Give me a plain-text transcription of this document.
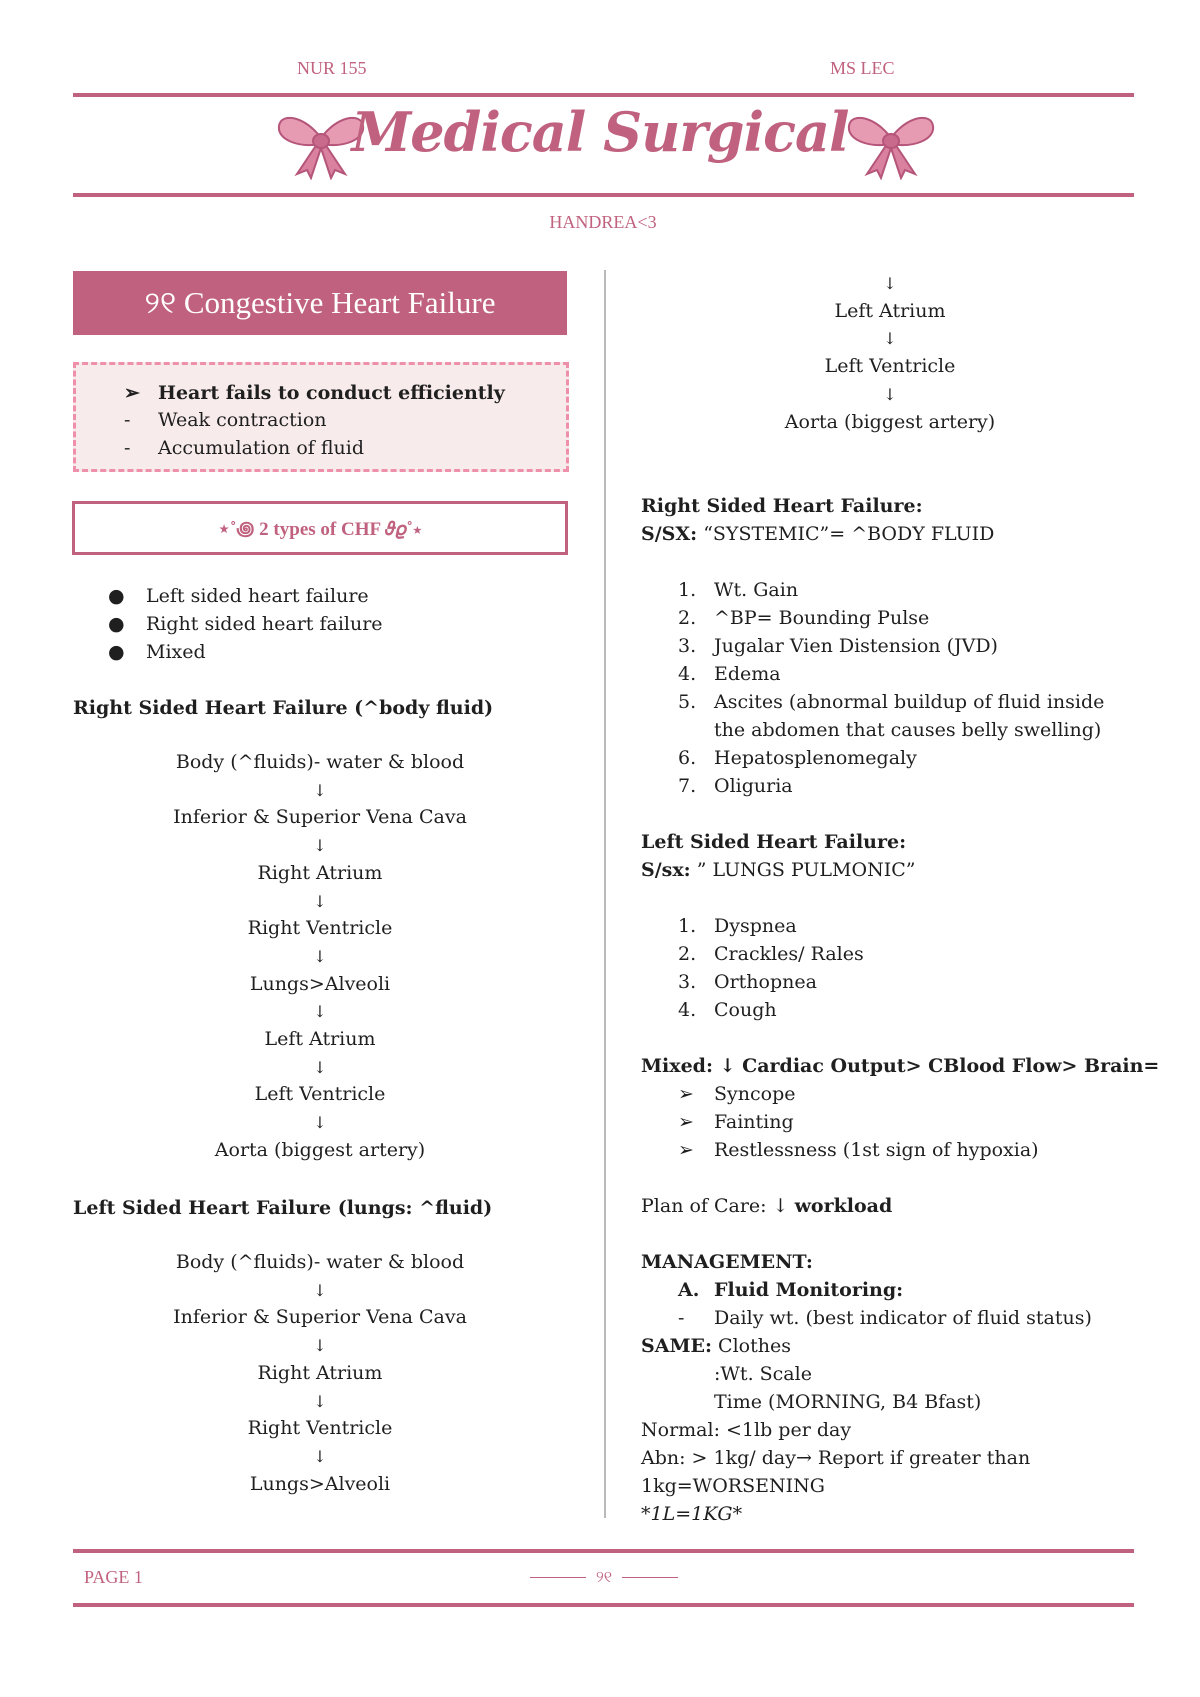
NUR 155	MS LEC
Medical Surgical
HANDREA<3
୨୧ Congestive Heart Failure
➢ Heart fails to conduct efficiently
- Weak contraction
- Accumulation of fluid
⋆˚꩜ 2 types of CHF 𝜗𝜚˚⋆
● Left sided heart failure
● Right sided heart failure
● Mixed
Right Sided Heart Failure (^body fluid)
Body (^fluids)- water & blood
↓
Inferior & Superior Vena Cava
↓
Right Atrium
↓
Right Ventricle
↓
Lungs>Alveoli
↓
Left Atrium
↓
Left Ventricle
↓
Aorta (biggest artery)
Left Sided Heart Failure (lungs: ^fluid)
Body (^fluids)- water & blood
↓
Inferior & Superior Vena Cava
↓
Right Atrium
↓
Right Ventricle
↓
Lungs>Alveoli
↓
Left Atrium
↓
Left Ventricle
↓
Aorta (biggest artery)
Right Sided Heart Failure:
S/SX: “SYSTEMIC”= ^BODY FLUID
1. Wt. Gain
2. ^BP= Bounding Pulse
3. Jugalar Vien Distension (JVD)
4. Edema
5. Ascites (abnormal buildup of fluid inside
the abdomen that causes belly swelling)
6. Hepatosplenomegaly
7. Oliguria
Left Sided Heart Failure:
S/sx: ” LUNGS PULMONIC”
1. Dyspnea
2. Crackles/ Rales
3. Orthopnea
4. Cough
Mixed: ↓ Cardiac Output> CBlood Flow> Brain=
➢ Syncope
➢ Fainting
➢ Restlessness (1st sign of hypoxia)
Plan of Care: ↓ workload
MANAGEMENT:
A. Fluid Monitoring:
- Daily wt. (best indicator of fluid status)
SAME: Clothes
:Wt. Scale
Time (MORNING, B4 Bfast)
Normal: <1lb per day
Abn: > 1kg/ day→ Report if greater than
1kg=WORSENING
*1L=1KG*
PAGE 1	୨୧
